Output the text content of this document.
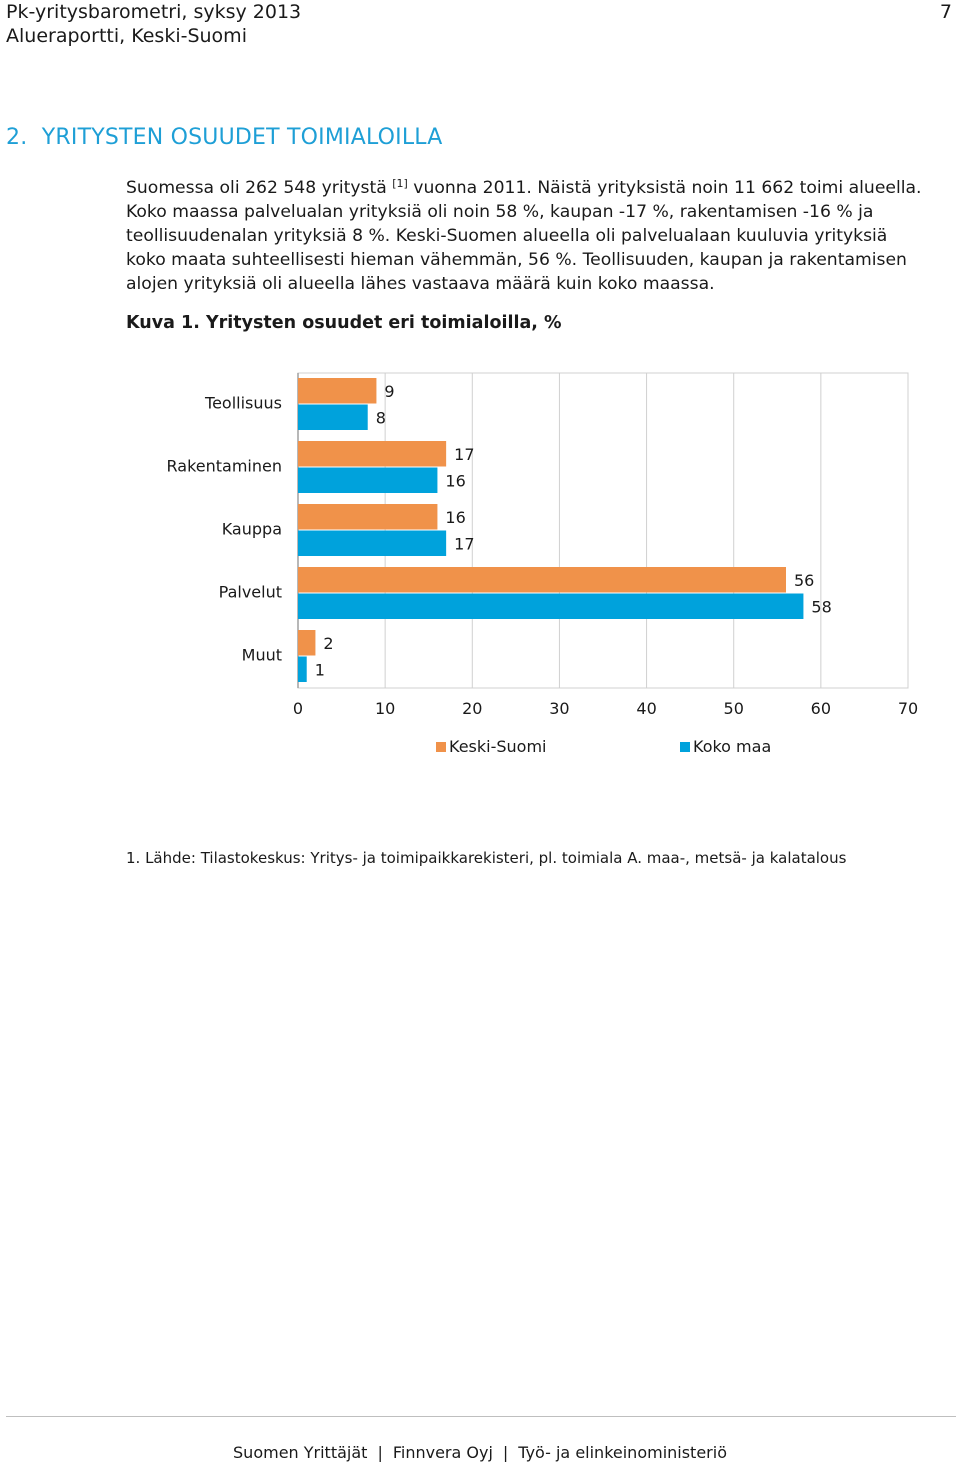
Pk-yritysbarometri, syksy 2013
Alueraportti, Keski-Suomi
7
2. YRITYSTEN OSUUDET TOIMIALOILLA
Suomessa oli 262 548 yritystä [1] vuonna 2011. Näistä yrityksistä noin 11 662 toimi alueella. Koko maassa palvelualan yrityksiä oli noin 58 %, kaupan -17 %, rakentamisen -16 % ja teollisuudenalan yrityksiä 8 %. Keski-Suomen alueella oli palvelualaan kuuluvia yrityksiä koko maata suhteellisesti hieman vähemmän, 56 %. Teollisuuden, kaupan ja rakentamisen alojen yrityksiä oli alueella lähes vastaava määrä kuin koko maassa.
Kuva 1. Yritysten osuudet eri toimialoilla, %
0	10	20	30	40	50	60	70
Teollisuus
9
8
Rakentaminen
17
16
Kauppa
16
17
Palvelut
56
58
Muut
2
1
Keski-Suomi	Koko maa
1. Lähde: Tilastokeskus: Yritys- ja toimipaikkarekisteri, pl. toimiala A. maa-, metsä- ja kalatalous
Suomen Yrittäjät | Finnvera Oyj | Työ- ja elinkeinoministeriö
